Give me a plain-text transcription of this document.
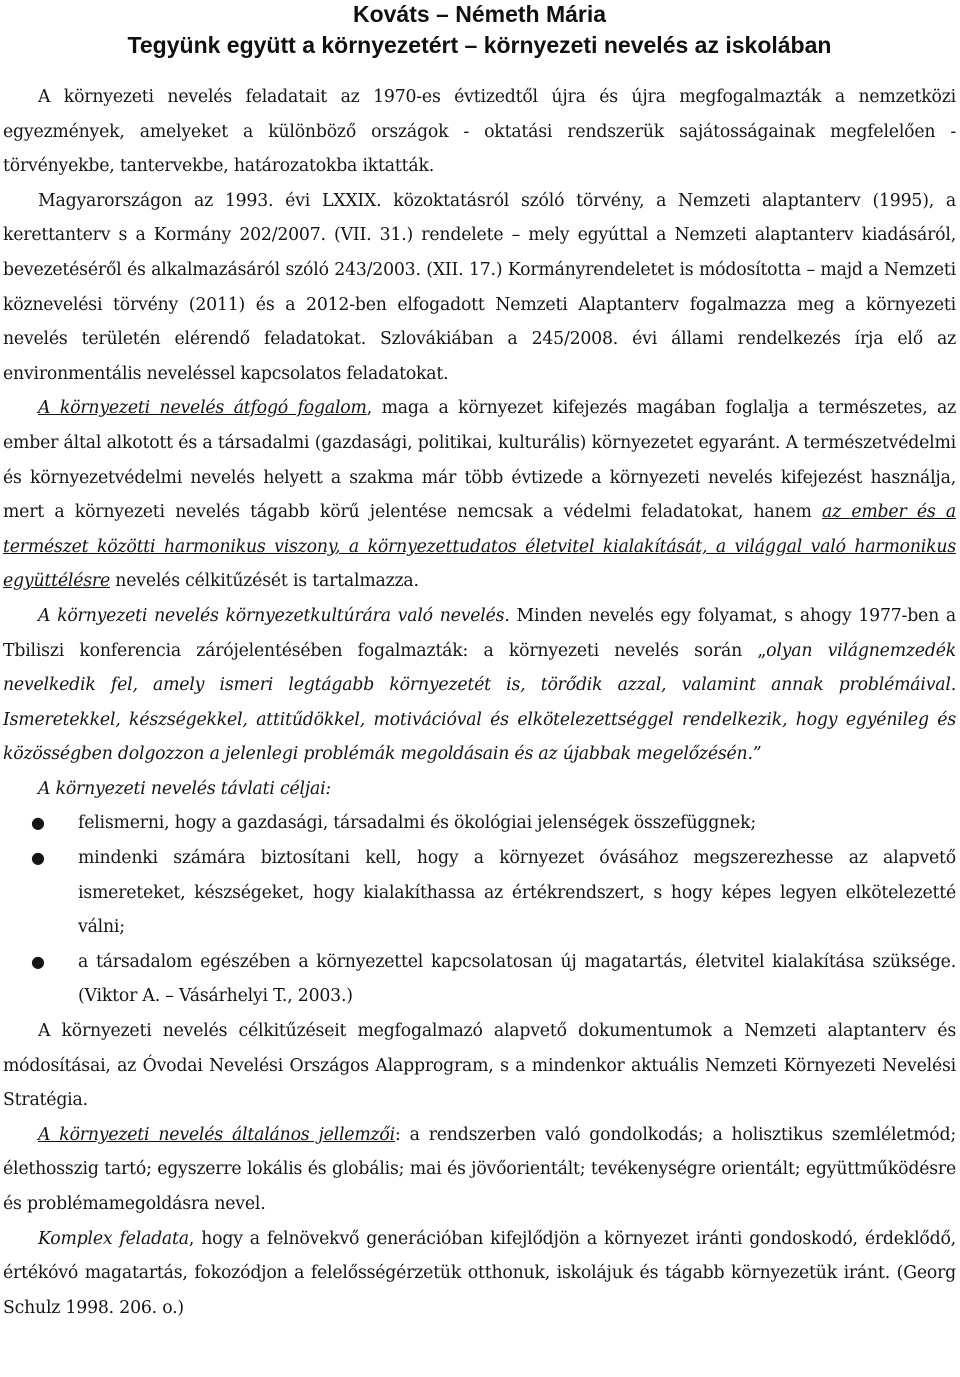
Kováts – Németh Mária
Tegyünk együtt a környezetért – környezeti nevelés az iskolában

A környezeti nevelés feladatait az 1970-es évtizedtől újra és újra megfogalmazták a nemzetközi egyezmények, amelyeket a különböző országok - oktatási rendszerük sajátosságainak megfelelően - törvényekbe, tantervekbe, határozatokba iktatták.

Magyarországon az 1993. évi LXXIX. közoktatásról szóló törvény, a Nemzeti alaptanterv (1995), a kerettanterv s a Kormány 202/2007. (VII. 31.) rendelete – mely egyúttal a Nemzeti alaptanterv kiadásáról, bevezetéséről és alkalmazásáról szóló 243/2003. (XII. 17.) Kormányrendeletet is módosította – majd a Nemzeti köznevelési törvény (2011) és a 2012-ben elfogadott Nemzeti Alaptanterv fogalmazza meg a környezeti nevelés területén elérendő feladatokat. Szlovákiában a 245/2008. évi állami rendelkezés írja elő az environmentális neveléssel kapcsolatos feladatokat.

A környezeti nevelés átfogó fogalom, maga a környezet kifejezés magában foglalja a természetes, az ember által alkotott és a társadalmi (gazdasági, politikai, kulturális) környezetet egyaránt. A természetvédelmi és környezetvédelmi nevelés helyett a szakma már több évtizede a környezeti nevelés kifejezést használja, mert a környezeti nevelés tágabb körű jelentése nemcsak a védelmi feladatokat, hanem az ember és a természet közötti harmonikus viszony, a környezettudatos életvitel kialakítását, a világgal való harmonikus együttélésre nevelés célkitűzését is tartalmazza.

A környezeti nevelés környezetkultúrára való nevelés. Minden nevelés egy folyamat, s ahogy 1977-ben a Tbiliszi konferencia zárójelentésében fogalmazták: a környezeti nevelés során „olyan világnemzedék nevelkedik fel, amely ismeri legtágabb környezetét is, törődik azzal, valamint annak problémáival. Ismeretekkel, készségekkel, attitűdökkel, motivációval és elkötelezettséggel rendelkezik, hogy egyénileg és közösségben dolgozzon a jelenlegi problémák megoldásain és az újabbak megelőzésén.”

A környezeti nevelés távlati céljai:

● felismerni, hogy a gazdasági, társadalmi és ökológiai jelenségek összefüggnek;
● mindenki számára biztosítani kell, hogy a környezet óvásához megszerezhesse az alapvető ismereteket, készségeket, hogy kialakíthassa az értékrendszert, s hogy képes legyen elkötelezetté válni;
● a társadalom egészében a környezettel kapcsolatosan új magatartás, életvitel kialakítása szüksége. (Viktor A. – Vásárhelyi T., 2003.)

A környezeti nevelés célkitűzéseit megfogalmazó alapvető dokumentumok a Nemzeti alaptanterv és módosításai, az Óvodai Nevelési Országos Alapprogram, s a mindenkor aktuális Nemzeti Környezeti Nevelési Stratégia.

A környezeti nevelés általános jellemzői: a rendszerben való gondolkodás; a holisztikus szemléletmód; élethosszig tartó; egyszerre lokális és globális; mai és jövőorientált; tevékenységre orientált; együttműködésre és problémamegoldásra nevel.

Komplex feladata, hogy a felnövekvő generációban kifejlődjön a környezet iránti gondoskodó, érdeklődő, értékóvó magatartás, fokozódjon a felelősségérzetük otthonuk, iskolájuk és tágabb környezetük iránt. (Georg Schulz 1998. 206. o.)
